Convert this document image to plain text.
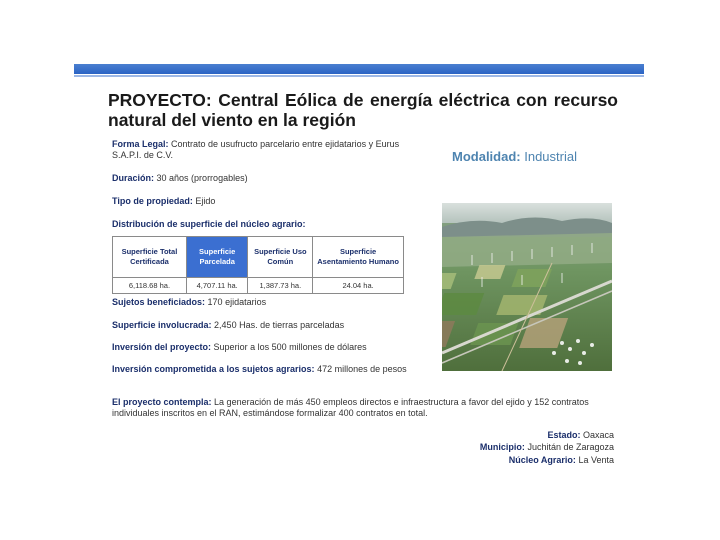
PROYECTO: Central Eólica de energía eléctrica con recurso natural del viento en la región
Forma Legal: Contrato de usufructo parcelario entre ejidatarios y Eurus S.A.P.I. de C.V.
Duración: 30 años (prorrogables)
Tipo de propiedad: Ejido
Distribución de superficie del núcleo agrario:
Superficie Total Certificada	Superficie Parcelada	Superficie Uso Común	Superficie Asentamiento Humano
6,118.68 ha.	4,707.11 ha.	1,387.73 ha.	24.04 ha.
Sujetos beneficiados: 170 ejidatarios
Superficie involucrada: 2,450 Has. de tierras parceladas
Inversión del proyecto: Superior a los 500 millones de dólares
Inversión comprometida a los sujetos agrarios: 472 millones de pesos
El proyecto contempla: La generación de más 450 empleos directos e infraestructura a favor del ejido y 152 contratos individuales inscritos en el RAN, estimándose formalizar 400 contratos en total.
Modalidad: Industrial
Estado: Oaxaca
Municipio: Juchitán de Zaragoza
Núcleo Agrario: La Venta
